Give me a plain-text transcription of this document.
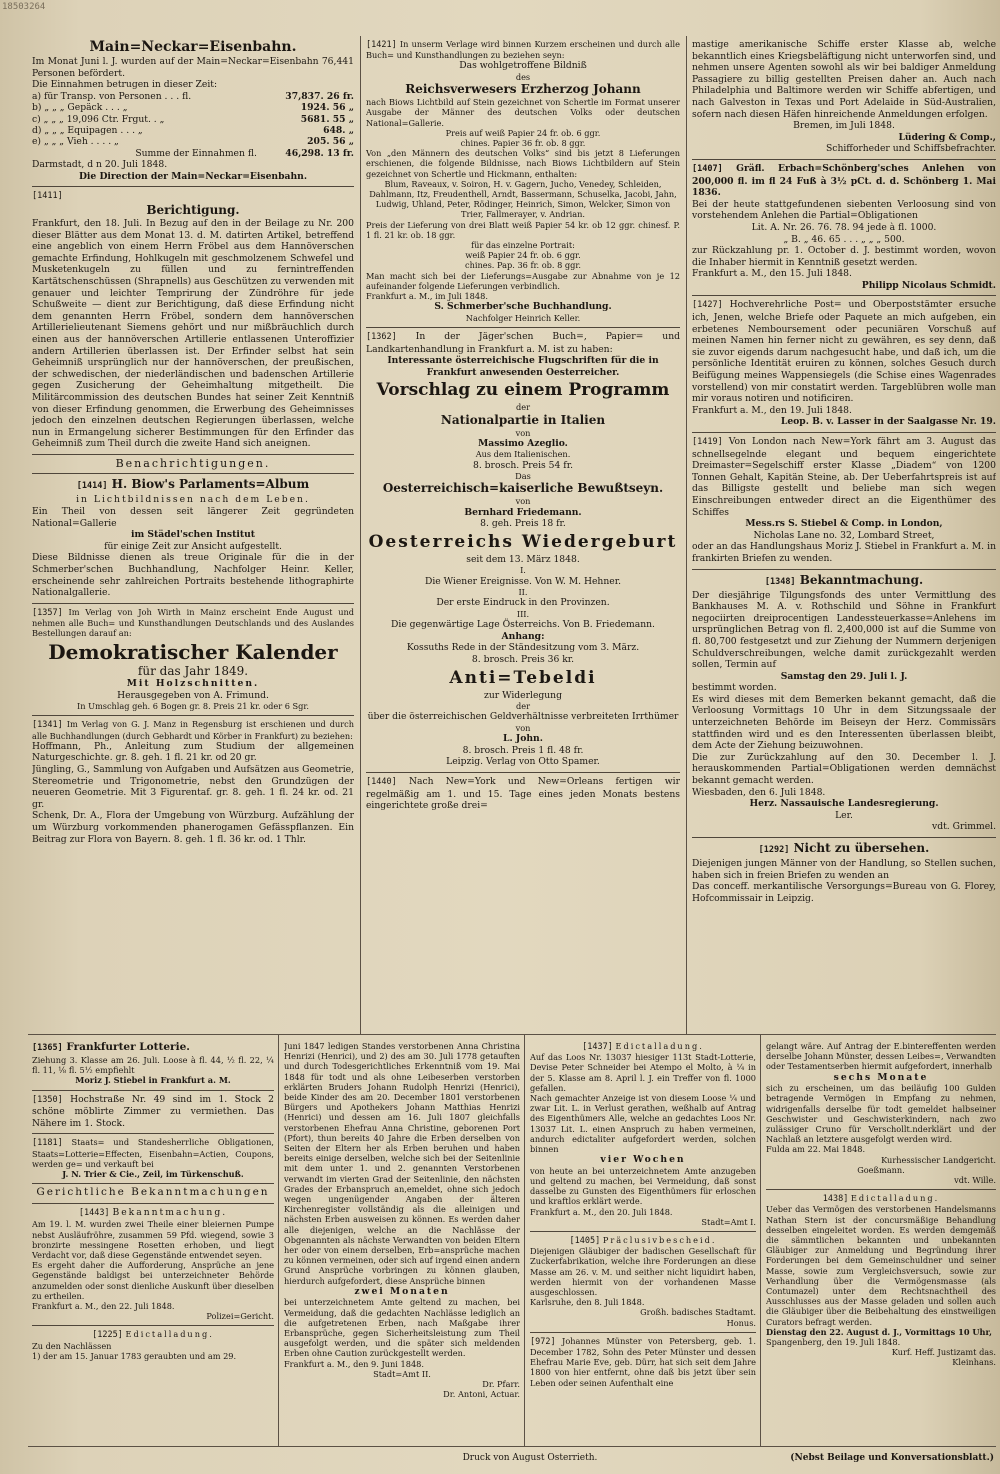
18503264

Main=Neckar=Eisenbahn.

Im Monat Juni l. J. wurden auf der Main=Neckar=Eisenbahn 76,441 Personen befördert.

Die Einnahmen betrugen in dieser Zeit:

a) für Transp. von Personen . . . fl.	37,837. 26 fr.
b) „ „ „ Gepäck . . . „	1924. 56 „
c) „ „ „ 19,096 Ctr. Frgut. . „	5681. 55 „
d) „ „ „ Equipagen . . . „	648. „
e) „ „ „ Vieh . . . . „	205. 56 „
Summe der Einnahmen fl.	46,298. 13 fr.

Darmstadt, d n 20. Juli 1848.

Die Direction der Main=Neckar=Eisenbahn.

[1411]

Berichtigung.

Frankfurt, den 18. Juli. In Bezug auf den in der Beilage zu Nr. 200 dieser Blätter aus dem Monat 13. d. M. datirten Artikel, betreffend eine angeblich von einem Herrn Fröbel aus dem Hannöverschen gemachte Erfindung, Hohlkugeln mit geschmolzenem Schwefel und Musketenkugeln zu füllen und zu fernintreffenden Kartätschenschüssen (Shrapnells) aus Geschützen zu verwenden mit genauer und leichter Temprirung der Zündröhre für jede Schußweite — dient zur Berichtigung, daß diese Erfindung nicht dem genannten Herrn Fröbel, sondern dem hannöverschen Artillerielieutenant Siemens gehört und nur mißbräuchlich durch einen aus der hannöverschen Artillerie entlassenen Unteroffizier andern Artillerien überlassen ist. Der Erfinder selbst hat sein Geheimniß ursprünglich nur der hannöverschen, der preußischen, der schwedischen, der niederländischen und badenschen Artillerie gegen Zusicherung der Geheimhaltung mitgetheilt. Die Militärcommission des deutschen Bundes hat seiner Zeit Kenntniß von dieser Erfindung genommen, die Erwerbung des Geheimnisses jedoch den einzelnen deutschen Regierungen überlassen, welche nun in Ermangelung sicherer Bestimmungen für den Erfinder das Geheimniß zum Theil durch die zweite Hand sich aneignen.

Benachrichtigungen.

[1414] H. Biow's Parlaments=Album

in Lichtbildnissen nach dem Leben.

Ein Theil von dessen seit längerer Zeit gegründeten National=Gallerie

im Städel'schen Institut

für einige Zeit zur Ansicht aufgestellt.

Diese Bildnisse dienen als treue Originale für die in der Schmerber'schen Buchhandlung, Nachfolger Heinr. Keller, erscheinende sehr zahlreichen Portraits bestehende lithographirte Nationalgallerie.

[1357] Im Verlag von Joh Wirth in Mainz erscheint Ende August und nehmen alle Buch= und Kunsthandlungen Deutschlands und des Auslandes Bestellungen darauf an:

Demokratischer Kalender

für das Jahr 1849.

Mit Holzschnitten.

Herausgegeben von A. Frimund.

In Umschlag geh. 6 Bogen gr. 8. Preis 21 kr. oder 6 Sgr.

[1341] Im Verlag von G. J. Manz in Regensburg ist erschienen und durch alle Buchhandlungen (durch Gebhardt und Körber in Frankfurt) zu beziehen:

Hoffmann, Ph., Anleitung zum Studium der allgemeinen Naturgeschichte. gr. 8. geh. 1 fl. 21 kr. od 20 gr.

Jüngling, G., Sammlung von Aufgaben und Aufsätzen aus Geometrie, Stereometrie und Trigonometrie, nebst den Grundzügen der neueren Geometrie. Mit 3 Figurentaf. gr. 8. geh. 1 fl. 24 kr. od. 21 gr.

Schenk, Dr. A., Flora der Umgebung von Würzburg. Aufzählung der um Würzburg vorkommenden phanerogamen Gefässpflanzen. Ein Beitrag zur Flora von Bayern. 8. geh. 1 fl. 36 kr. od. 1 Thlr.

[1421] In unserm Verlage wird binnen Kurzem erscheinen und durch alle Buch= und Kunsthandlungen zu beziehen seyn:

Das wohlgetroffene Bildniß

des

Reichsverwesers Erzherzog Johann

nach Biows Lichtbild auf Stein gezeichnet von Schertle im Format unserer Ausgabe der Männer des deutschen Volks oder deutschen National=Gallerie.

Preis auf weiß Papier 24 fr. ob. 6 ggr.

chines. Papier 36 fr. ob. 8 ggr.

Von „den Männern des deutschen Volks“ sind bis jetzt 8 Lieferungen erschienen, die folgende Bildnisse, nach Biows Lichtbildern auf Stein gezeichnet von Schertle und Hickmann, enthalten:

Blum, Raveaux, v. Soiron, H. v. Gagern, Jucho, Venedey, Schleiden, Dahlmann, Itz, Freudenthell, Arndt, Bassermann, Schuselka, Jacobi, Jahn, Ludwig, Uhland, Peter, Rödinger, Heinrich, Simon, Welcker, Simon von Trier, Fallmerayer, v. Andrian.

Preis der Lieferung von drei Blatt weiß Papier 54 kr. ob 12 ggr. chinesf. P. 1 fl. 21 kr. ob. 18 ggr.

für das einzelne Portrait:

weiß Papier 24 fr. ob. 6 ggr.

chines. Pap. 36 fr. ob. 8 ggr.

Man macht sich bei der Lieferungs=Ausgabe zur Abnahme von je 12 aufeinander folgende Lieferungen verbindlich.

Frankfurt a. M., im Juli 1848.

S. Schmerber'sche Buchhandlung.

Nachfolger Heinrich Keller.

[1362] In der Jäger'schen Buch=, Papier= und Landkartenhandlung in Frankfurt a. M. ist zu haben:

Interessante österreichische Flugschriften für die in Frankfurt anwesenden Oesterreicher.

Vorschlag zu einem Programm

der

Nationalpartie in Italien

von

Massimo Azeglio.

Aus dem Italienischen.

8. brosch. Preis 54 fr.

Das

Oesterreichisch=kaiserliche Bewußtseyn.

von

Bernhard Friedemann.

8. geh. Preis 18 fr.

Oesterreichs Wiedergeburt

seit dem 13. März 1848.

I.

Die Wiener Ereignisse. Von W. M. Hehner.

II.

Der erste Eindruck in den Provinzen.

III.

Die gegenwärtige Lage Österreichs. Von B. Friedemann.

Anhang:

Kossuths Rede in der Ständesitzung vom 3. März.

8. brosch. Preis 36 kr.

Anti=Tebeldi

zur Widerlegung

der

über die österreichischen Geldverhältnisse verbreiteten Irrthümer

von

L. John.

8. brosch. Preis 1 fl. 48 fr.

Leipzig. Verlag von Otto Spamer.

[1440] Nach New=York und New=Orleans fertigen wir regelmäßig am 1. und 15. Tage eines jeden Monats bestens eingerichtete große drei=

mastige amerikanische Schiffe erster Klasse ab, welche bekanntlich eines Kriegsbeläftigung nicht unterworfen sind, und nehmen unsere Agenten sowohl als wir bei baldiger Anmeldung Passagiere zu billig gestellten Preisen daher an. Auch nach Philadelphia und Baltimore werden wir Schiffe abfertigen, und nach Galveston in Texas und Port Adelaide in Süd-Australien, sofern nach diesen Häfen hinreichende Anmeldungen erfolgen.

Bremen, im Juli 1848.

Lüdering & Comp.,

Schifforheder und Schiffsbefrachter.

[1407] Gräfl. Erbach=Schönberg'sches Anlehen von 200,000 fl. im fl 24 Fuß à 3½ pCt. d. d. Schönberg 1. Mai 1836.

Bei der heute stattgefundenen siebenten Verloosung sind von vorstehendem Anlehen die Partial=Obligationen

Lit. A. Nr. 26. 76. 78. 94 jede à fl. 1000.

„ B. „ 46. 65 . . . „ „ „ 500.

zur Rückzahlung pr. 1. October d. J. bestimmt worden, wovon die Inhaber hiermit in Kenntniß gesetzt werden.

Frankfurt a. M., den 15. Juli 1848.

Philipp Nicolaus Schmidt.

[1427] Hochverehrliche Post= und Oberpoststämter ersuche ich, Jenen, welche Briefe oder Paquete an mich aufgeben, ein erbetenes Nemboursement oder pecuniären Vorschuß auf meinen Namen hin ferner nicht zu gewähren, es sey denn, daß sie zuvor eigends darum nachgesucht habe, und daß ich, um die persönliche Identität eruiren zu können, solches Gesuch durch Beifügung meines Wappensiegels (die Schise eines Wagenrades vorstellend) von mir constatirt werden. Targeblübren wolle man mir voraus notiren und notificiren.

Frankfurt a. M., den 19. Juli 1848.

Leop. B. v. Lasser in der Saalgasse Nr. 19.

[1419] Von London nach New=York fährt am 3. August das schnellsegelnde elegant und bequem eingerichtete Dreimaster=Segelschiff erster Klasse „Diadem“ von 1200 Tonnen Gehalt, Kapitän Steine, ab. Der Ueberfahrtspreis ist auf das Billigste gestellt und beliebe man sich wegen Einschreibungen entweder direct an die Eigenthümer des Schiffes

Mess.rs S. Stiebel & Comp. in London,

Nicholas Lane no. 32, Lombard Street,

oder an das Handlungshaus Moriz J. Stiebel in Frankfurt a. M. in frankirten Briefen zu wenden.

[1348] Bekanntmachung.

Der diesjährige Tilgungsfonds des unter Vermittlung des Bankhauses M. A. v. Rothschild und Söhne in Frankfurt negociirten dreiprocentigen Landessteuerkasse=Anlehens im ursprünglichen Betrag von fl. 2,400,000 ist auf die Summe von fl. 80,700 festgesetzt und zur Ziehung der Nummern derjenigen Schuldverschreibungen, welche damit zurückgezahlt werden sollen, Termin auf

Samstag den 29. Juli l. J.

bestimmt worden.

Es wird dieses mit dem Bemerken bekannt gemacht, daß die Verloosung Vormittags 10 Uhr in dem Sitzungssaale der unterzeichneten Behörde im Beiseyn der Herz. Commissärs stattfinden wird und es den Interessenten überlassen bleibt, dem Acte der Ziehung beizuwohnen.

Die zur Zurückzahlung auf den 30. December l. J. herauskommenden Partial=Obligationen werden demnächst bekannt gemacht werden.

Wiesbaden, den 6. Juli 1848.

Herz. Nassauische Landesregierung.

Ler.

vdt. Grimmel.

[1292] Nicht zu übersehen.

Diejenigen jungen Männer von der Handlung, so Stellen suchen, haben sich in freien Briefen zu wenden an

Das conceff. merkantilische Versorgungs=Bureau von G. Florey, Hofcommissair in Leipzig.

[1365] Frankfurter Lotterie.

Ziehung 3. Klasse am 26. Juli. Loose à fl. 44, ½ fl. 22, ¼ fl. 11, ⅛ fl. 5½ empfiehlt

Moriz J. Stiebel in Frankfurt a. M.

[1350] Hochstraße Nr. 49 sind im 1. Stock 2 schöne möblirte Zimmer zu vermiethen. Das Nähere im 1. Stock.

[1181] Staats= und Standesherrliche Obligationen, Staats=Lotterie=Effecten, Eisenbahn=Actien, Coupons, werden ge= und verkauft bei

J. N. Trier & Cie., Zeil, im Türkenschuß.

Gerichtliche Bekanntmachungen

[1443] Bekanntmachung.

Am 19. l. M. wurden zwei Theile einer bleiernen Pumpe nebst Ausläufröhre, zusammen 59 Pfd. wiegend, sowie 3 bronzirte messingene Rosetten erhoben, und liegt Verdacht vor, daß diese Gegenstände entwendet seyen.

Es ergeht daher die Aufforderung, Ansprüche an jene Gegenstände baldigst bei unterzeichneter Behörde anzumelden oder sonst dienliche Auskunft über dieselben zu ertheilen.

Frankfurt a. M., den 22. Juli 1848.

Polizei=Gericht.

[1225] Edictalladung.

Zu den Nachlässen

1) der am 15. Januar 1783 geraubten und am 29.

Juni 1847 ledigen Standes verstorbenen Anna Christina Henrizi (Henrici), und 2) des am 30. Juli 1778 getauften und durch Todesgerichtliches Erkenntniß vom 19. Mai 1848 für todt und als ohne Leibeserben verstorben erklärten Bruders Johann Rudolph Henrizi (Henrici), beide Kinder des am 20. December 1801 verstorbenen Bürgers und Apothekers Johann Matthias Henrizi (Henrici) und dessen am 16. Juli 1807 gleichfalls verstorbenen Ehefrau Anna Christine, geborenen Port (Pfort), thun bereits 40 Jahre die Erben derselben von Seiten der Eltern her als Erben beruhen und haben bereits einige derselben, welche sich bei der Seitenlinie mit dem unter 1. und 2. genannten Verstorbenen verwandt im vierten Grad der Seitenlinie, den nächsten Grades der Erbanspruch an,emeldet, ohne sich jedoch wegen ungenügender Angaben der älteren Kirchenregister vollständig als die alleinigen und nächsten Erben ausweisen zu können. Es werden daher alle diejenigen, welche an die Nachlässe der Obgenannten als nächste Verwandten von beiden Eltern her oder von einem derselben, Erb=ansprüche machen zu können vermeinen, oder sich auf irgend einen andern Grund Ansprüche vorbringen zu können glauben, hierdurch aufgefordert, diese Ansprüche binnen

zwei Monaten

bei unterzeichnetem Amte geltend zu machen, bei Vermeidung, daß die gedachten Nachlässe lediglich an die aufgetretenen Erben, nach Maßgabe ihrer Erbansprüche, gegen Sicherheitsleistung zum Theil ausgefolgt werden, und die später sich meldenden Erben ohne Caution zurückgestellt werden.

Frankfurt a. M., den 9. Juni 1848.

Stadt=Amt II.

Dr. Pfarr.

Dr. Antoni, Actuar.

[1437] Edictalladung.

Auf das Loos Nr. 13037 hiesiger 113t Stadt-Lotterie, Devise Peter Schneider bei Atempo el Molto, à ¼ in der 5. Klasse am 8. April l. J. ein Treffer von fl. 1000 gefallen.

Nach gemachter Anzeige ist von diesem Loose ¼ und zwar Lit. L. in Verlust gerathen, weßhalb auf Antrag des Eigenthümers Alle, welche an gedachtes Loos Nr. 13037 Lit. L. einen Anspruch zu haben vermeinen, andurch edictaliter aufgefordert werden, solchen binnen

vier Wochen

von heute an bei unterzeichnetem Amte anzugeben und geltend zu machen, bei Vermeidung, daß sonst dasselbe zu Gunsten des Eigenthümers für erloschen und kraftlos erklärt werde.

Frankfurt a. M., den 20. Juli 1848.

Stadt=Amt I.

[1405] Präclusivbescheid.

Diejenigen Gläubiger der badischen Gesellschaft für Zuckerfabrikation, welche ihre Forderungen an diese Masse am 26. v. M. und seither nicht liquidirt haben, werden hiermit von der vorhandenen Masse ausgeschlossen.

Karlsruhe, den 8. Juli 1848.

Großh. badisches Stadtamt.

Honus.

[972] Johannes Münster von Petersberg, geb. 1. December 1782, Sohn des Peter Münster und dessen Ehefrau Marie Eve, geb. Dürr, hat sich seit dem Jahre 1800 von hier entfernt, ohne daß bis jetzt über sein Leben oder seinen Aufenthalt eine

gelangt wäre. Auf Antrag der E.bintereffenten werden derselbe Johann Münster, dessen Leibes=, Verwandten oder Testamentserben hiermit aufgefordert, innerhalb

sechs Monate

sich zu erscheinen, um das beiläufig 100 Gulden betragende Vermögen in Empfang zu nehmen, widrigenfalls derselbe für todt gemeldet halbseiner Geschwister und Geschwisterkindern, nach zwo zulässiger Cruno für Verschollt.nderklärt und der Nachlaß an letztere ausgefolgt werden wird.

Fulda am 22. Mai 1848.

Kurhessischer Landgericht.

Goeßmann.

vdt. Wille.

1438] Edictalladung.

Ueber das Vermögen des verstorbenen Handelsmanns Nathan Stern ist der concursmäßige Behandlung desselben eingeleitet worden. Es werden demgemäß die sämmtlichen bekannten und unbekannten Gläubiger zur Anmeldung und Begründung ihrer Forderungen bei dem Gemeinschuldner und seiner Masse, sowie zum Vergleichsversuch, sowie zur Verhandlung über die Vermögensmasse (als Contumazel) unter dem Rechtsnachtheil des Ausschlusses aus der Masse geladen und sollen auch die Gläubiger über die Beibehaltung des einstweiligen Curators befragt werden.

Dienstag den 22. August d. J., Vormittags 10 Uhr,

Spangenberg, den 19. Juli 1848.

Kurf. Heff. Justizamt das.

Kleinhans.

Druck von August Osterrieth.	(Nebst Beilage und Konversationsblatt.)
